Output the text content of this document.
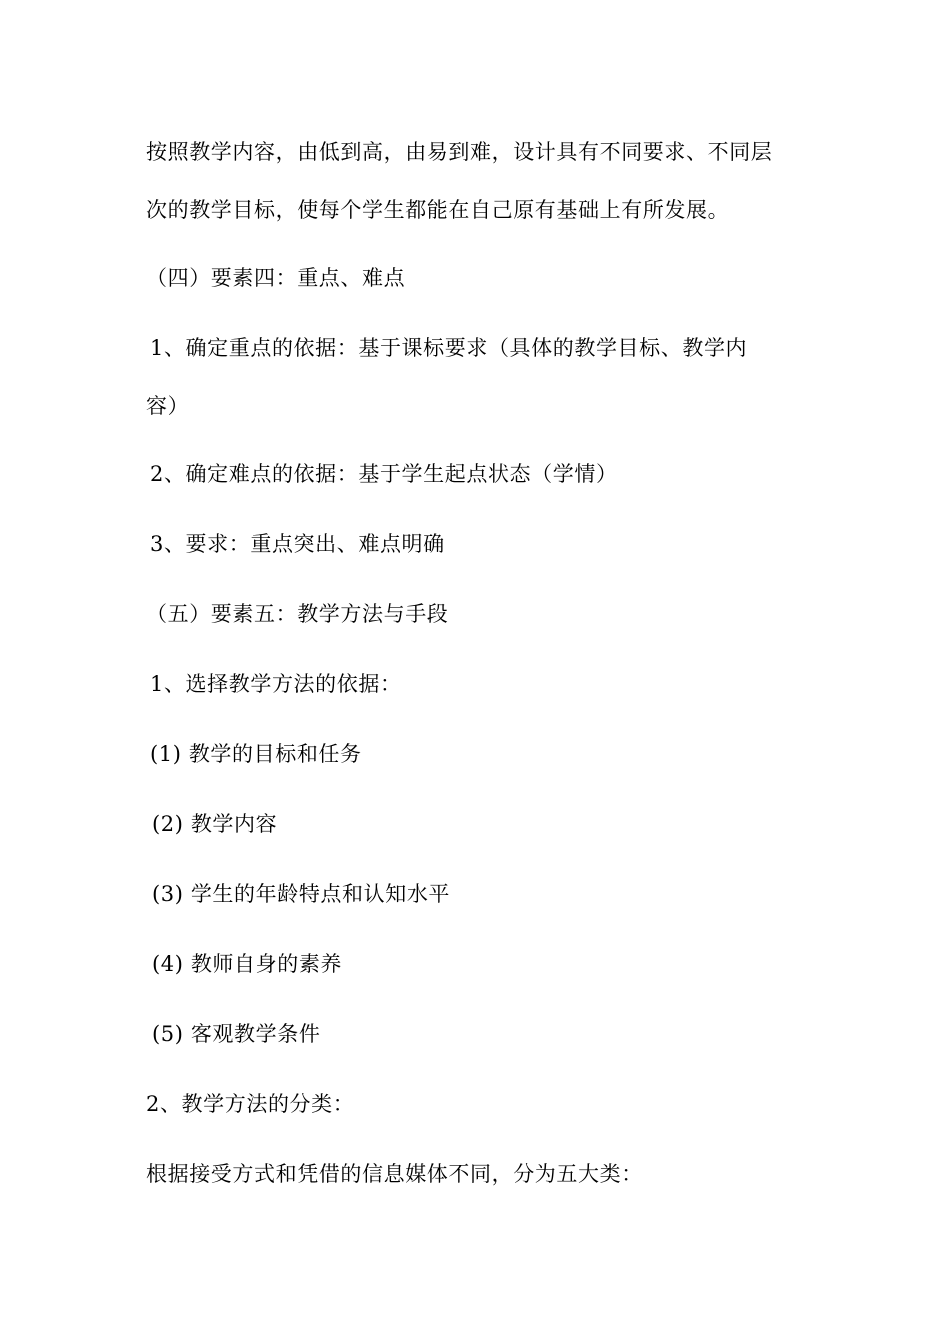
按照教学内容，由低到高，由易到难，设计具有不同要求、不同层
次的教学目标，使每个学生都能在自己原有基础上有所发展。
（四）要素四：重点、难点
1、确定重点的依据：基于课标要求（具体的教学目标、教学内
容）
2、确定难点的依据：基于学生起点状态（学情）
3、要求：重点突出、难点明确
（五）要素五：教学方法与手段
1、选择教学方法的依据：
(1) 教学的目标和任务
(2) 教学内容
(3) 学生的年龄特点和认知水平
(4) 教师自身的素养
(5) 客观教学条件
2、教学方法的分类：
根据接受方式和凭借的信息媒体不同，分为五大类：
